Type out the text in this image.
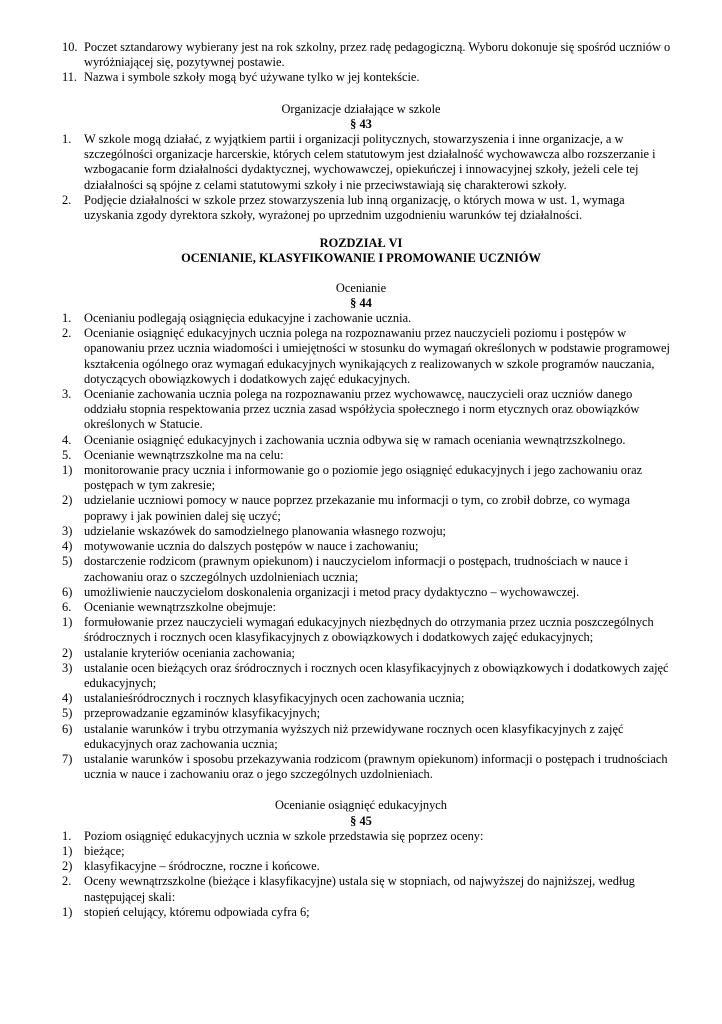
10. Poczet sztandarowy wybierany jest na rok szkolny, przez radę pedagogiczną. Wyboru dokonuje się spośród uczniów o wyróżniającej się, pozytywnej postawie.
11. Nazwa i symbole szkoły mogą być używane tylko w jej kontekście.
Organizacje działające w szkole
§ 43
1. W szkole mogą działać, z wyjątkiem partii i organizacji politycznych, stowarzyszenia i inne organizacje, a w szczególności organizacje harcerskie, których celem statutowym jest działalność wychowawcza albo rozszerzanie i wzbogacanie form działalności dydaktycznej, wychowawczej, opiekuńczej i innowacyjnej szkoły, jeżeli cele tej działalności są spójne z celami statutowymi szkoły i nie przeciwstawiają się charakterowi szkoły.
2. Podjęcie działalności w szkole przez stowarzyszenia lub inną organizację, o których mowa w ust. 1, wymaga uzyskania zgody dyrektora szkoły, wyrażonej po uprzednim uzgodnieniu warunków tej działalności.
ROZDZIAŁ VI
OCENIANIE, KLASYFIKOWANIE I PROMOWANIE UCZNIÓW
Ocenianie
§ 44
1. Ocenianiu podlegają osiągnięcia edukacyjne i zachowanie ucznia.
2. Ocenianie osiągnięć edukacyjnych ucznia polega na rozpoznawaniu przez nauczycieli poziomu i postępów w opanowaniu przez ucznia wiadomości i umiejętności w stosunku do wymagań określonych w podstawie programowej kształcenia ogólnego oraz wymagań edukacyjnych wynikających z realizowanych w szkole programów nauczania, dotyczących obowiązkowych i dodatkowych zajęć edukacyjnych.
3. Ocenianie zachowania ucznia polega na rozpoznawaniu przez wychowawcę, nauczycieli oraz uczniów danego oddziału stopnia respektowania przez ucznia zasad współżycia społecznego i norm etycznych oraz obowiązków określonych w Statucie.
4. Ocenianie osiągnięć edukacyjnych i zachowania ucznia odbywa się w ramach oceniania wewnątrzszkolnego.
5. Ocenianie wewnątrzszkolne ma na celu:
1) monitorowanie pracy ucznia i informowanie go o poziomie jego osiągnięć edukacyjnych i jego zachowaniu oraz postępach w tym zakresie;
2) udzielanie uczniowi pomocy w nauce poprzez przekazanie mu informacji o tym, co zrobił dobrze, co wymaga poprawy i jak powinien dalej się uczyć;
3) udzielanie wskazówek do samodzielnego planowania własnego rozwoju;
4) motywowanie ucznia do dalszych postępów w nauce i zachowaniu;
5) dostarczenie rodzicom (prawnym opiekunom) i nauczycielom informacji o postępach, trudnościach w nauce i zachowaniu oraz o szczególnych uzdolnieniach ucznia;
6) umożliwienie nauczycielom doskonalenia organizacji i metod pracy dydaktyczno – wychowawczej.
6. Ocenianie wewnątrzszkolne obejmuje:
1) formułowanie przez nauczycieli wymagań edukacyjnych niezbędnych do otrzymania przez ucznia poszczególnych śródrocznych i rocznych ocen klasyfikacyjnych z obowiązkowych i dodatkowych zajęć edukacyjnych;
2) ustalanie kryteriów oceniania zachowania;
3) ustalanie ocen bieżących oraz śródrocznych i rocznych ocen klasyfikacyjnych z obowiązkowych i dodatkowych zajęć edukacyjnych;
4) ustalanieśródrocznych i rocznych klasyfikacyjnych ocen zachowania ucznia;
5) przeprowadzanie egzaminów klasyfikacyjnych;
6) ustalanie warunków i trybu otrzymania wyższych niż przewidywane rocznych ocen klasyfikacyjnych z zajęć edukacyjnych oraz zachowania ucznia;
7) ustalanie warunków i sposobu przekazywania rodzicom (prawnym opiekunom) informacji o postępach i trudnościach ucznia w nauce i zachowaniu oraz o jego szczególnych uzdolnieniach.
Ocenianie osiągnięć edukacyjnych
§ 45
1. Poziom osiągnięć edukacyjnych ucznia w szkole przedstawia się poprzez oceny:
1) bieżące;
2) klasyfikacyjne – śródroczne, roczne i końcowe.
2. Oceny wewnątrzszkolne (bieżące i klasyfikacyjne) ustala się w stopniach, od najwyższej do najniższej, według następującej skali:
1) stopień celujący, któremu odpowiada cyfra 6;
